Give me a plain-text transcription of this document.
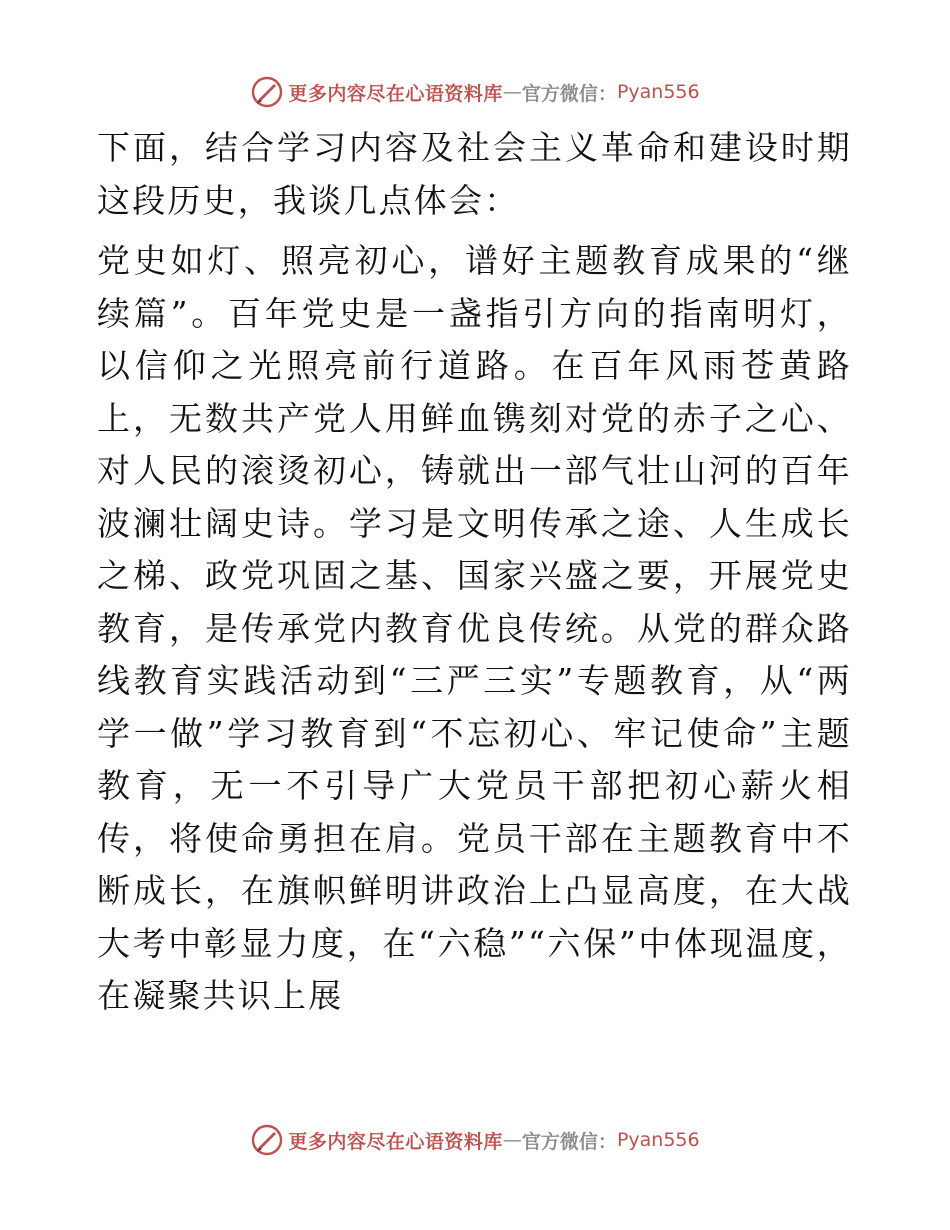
更多内容尽在心语资料库 — 官方微信： Pyan556

下面，结合学习内容及社会主义革命和建设时期这段历史，我谈几点体会：

党史如灯、照亮初心，谱好主题教育成果的“继续篇”。百年党史是一盏指引方向的指南明灯，以信仰之光照亮前行道路。在百年风雨苍黄路上，无数共产党人用鲜血镌刻对党的赤子之心、对人民的滚烫初心，铸就出一部气壮山河的百年波澜壮阔史诗。学习是文明传承之途、人生成长之梯、政党巩固之基、国家兴盛之要，开展党史教育，是传承党内教育优良传统。从党的群众路线教育实践活动到“三严三实”专题教育，从“两学一做”学习教育到“不忘初心、牢记使命”主题教育，无一不引导广大党员干部把初心薪火相传，将使命勇担在肩。党员干部在主题教育中不断成长，在旗帜鲜明讲政治上凸显高度，在大战大考中彰显力度，在“六稳”“六保”中体现温度，在凝聚共识上展

更多内容尽在心语资料库 — 官方微信： Pyan556
